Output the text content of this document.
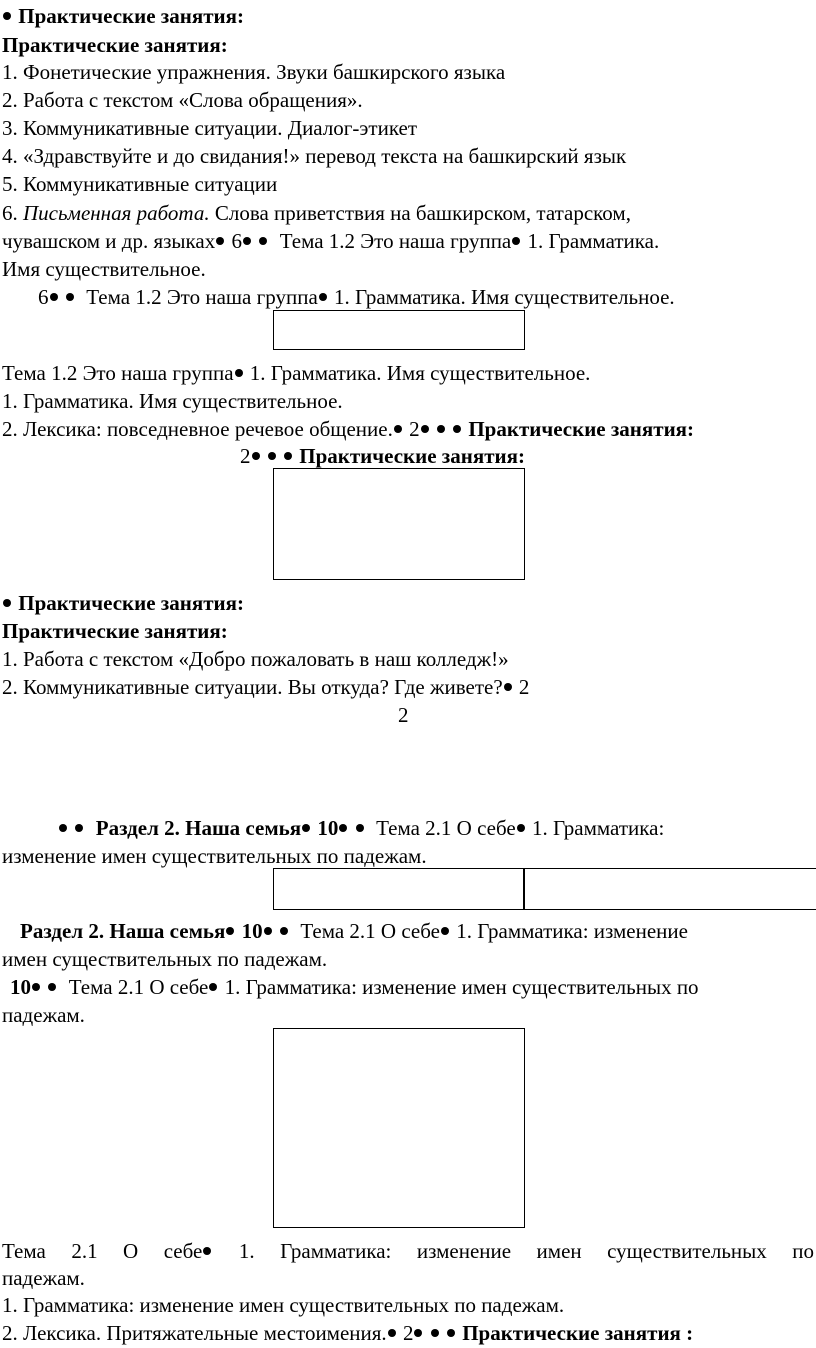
Практические занятия:
Практические занятия:
1. Фонетические упражнения. Звуки башкирского языка
2. Работа с текстом «Слова обращения».
3. Коммуникативные ситуации. Диалог-этикет
4. «Здравствуйте и до свидания!» перевод текста на башкирский язык
5. Коммуникативные ситуации
6. Письменная работа. Слова приветствия на башкирском, татарском,
чувашском и др. языках 6 Тема 1.2 Это наша группа 1. Грамматика.
Имя существительное.
6 Тема 1.2 Это наша группа 1. Грамматика. Имя существительное.
Тема 1.2 Это наша группа 1. Грамматика. Имя существительное.
1. Грамматика. Имя существительное.
2. Лексика: повседневное речевое общение. 2 Практические занятия:
2 Практические занятия:
Практические занятия:
Практические занятия:
1. Работа с текстом «Добро пожаловать в наш колледж!»
2. Коммуникативные ситуации. Вы откуда? Где живете? 2
2
Раздел 2. Наша семья 10 Тема 2.1 О себе 1. Грамматика:
изменение имен существительных по падежам.
Раздел 2. Наша семья 10 Тема 2.1 О себе 1. Грамматика: изменение
имен существительных по падежам.
10 Тема 2.1 О себе 1. Грамматика: изменение имен существительных по
падежам.
Тема 2.1 О себе	1. Грамматика: изменение имен существительных по
падежам.
1. Грамматика: изменение имен существительных по падежам.
2. Лексика. Притяжательные местоимения. 2 Практические занятия :
